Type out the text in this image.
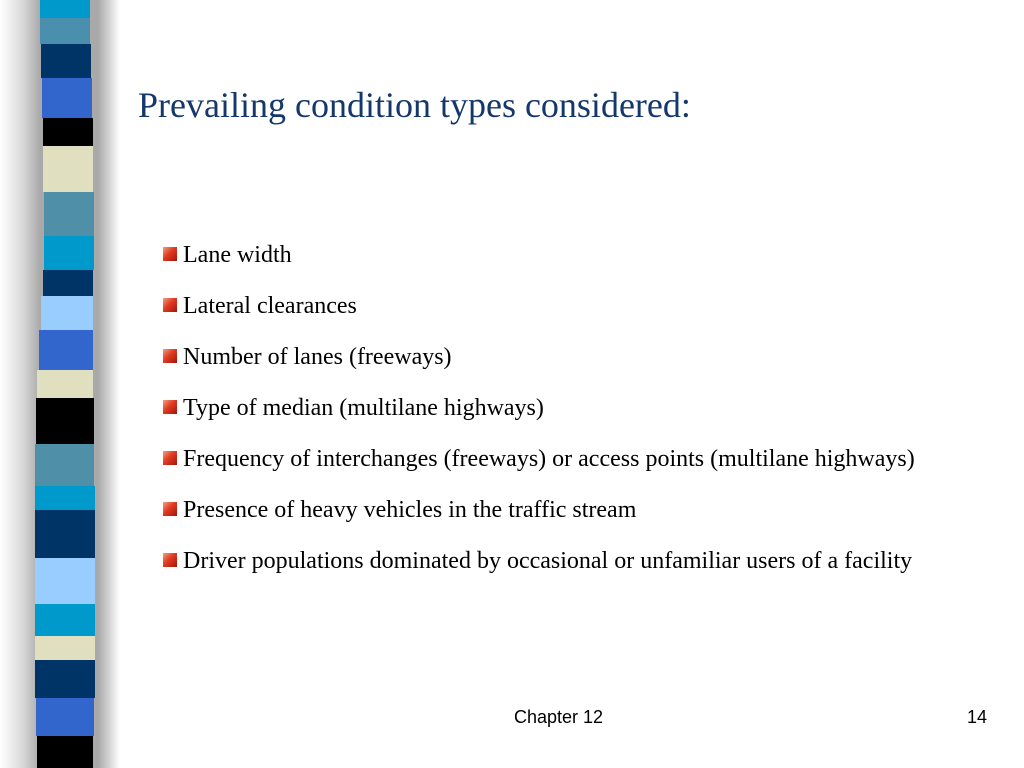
Prevailing condition types considered:
Lane width
Lateral clearances
Number of lanes (freeways)
Type of median (multilane highways)
Frequency of interchanges (freeways) or access points (multilane highways)
Presence of heavy vehicles in the traffic stream
Driver populations dominated by occasional or unfamiliar users of a facility
Chapter 12	14
